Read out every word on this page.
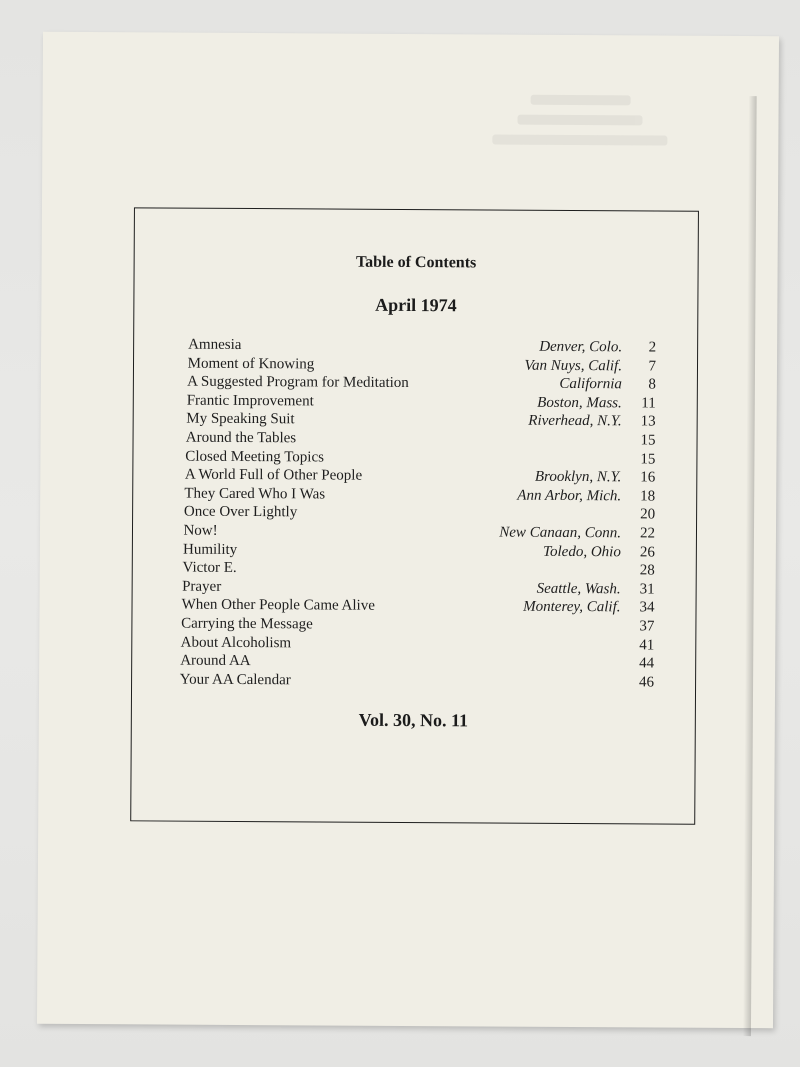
Table of Contents
April 1974
Amnesia	Denver, Colo. 2
Moment of Knowing	Van Nuys, Calif. 7
A Suggested Program for Meditation	California 8
Frantic Improvement	Boston, Mass. 11
My Speaking Suit	Riverhead, N.Y. 13
Around the Tables	15
Closed Meeting Topics	15
A World Full of Other People	Brooklyn, N.Y. 16
They Cared Who I Was	Ann Arbor, Mich. 18
Once Over Lightly	20
Now!	New Canaan, Conn. 22
Humility	Toledo, Ohio 26
Victor E.	28
Prayer	Seattle, Wash. 31
When Other People Came Alive	Monterey, Calif. 34
Carrying the Message	37
About Alcoholism	41
Around AA	44
Your AA Calendar	46
Vol. 30, No. 11
